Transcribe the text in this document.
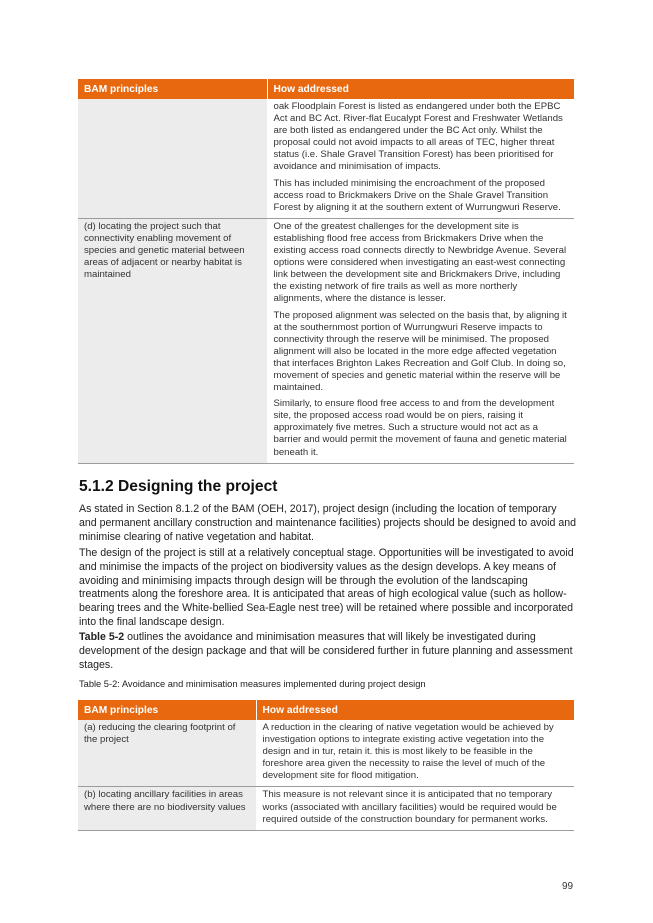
BAM principles	How addressed

	oak Floodplain Forest is listed as endangered under both the EPBC Act and BC Act. River-flat Eucalypt Forest and Freshwater Wetlands are both listed as endangered under the BC Act only. Whilst the proposal could not avoid impacts to all areas of TEC, higher threat status (i.e. Shale Gravel Transition Forest) has been prioritised for avoidance and minimisation of impacts.

This has included minimising the encroachment of the proposed access road to Brickmakers Drive on the Shale Gravel Transition Forest by aligning it at the southern extent of Wurrungwuri Reserve.

(d) locating the project such that connectivity enabling movement of species and genetic material between areas of adjacent or nearby habitat is maintained	One of the greatest challenges for the development site is establishing flood free access from Brickmakers Drive when the existing access road connects directly to Newbridge Avenue. Several options were considered when investigating an east-west connecting link between the development site and Brickmakers Drive, including the existing network of fire trails as well as more northerly alignments, where the distance is lesser.

The proposed alignment was selected on the basis that, by aligning it at the southernmost portion of Wurrungwuri Reserve impacts to connectivity through the reserve will be minimised. The proposed alignment will also be located in the more edge affected vegetation that interfaces Brighton Lakes Recreation and Golf Club. In doing so, movement of species and genetic material within the reserve will be maintained.

Similarly, to ensure flood free access to and from the development site, the proposed access road would be on piers, raising it approximately five metres. Such a structure would not act as a barrier and would permit the movement of fauna and genetic material beneath it.

5.1.2 Designing the project

As stated in Section 8.1.2 of the BAM (OEH, 2017), project design (including the location of temporary and permanent ancillary construction and maintenance facilities) projects should be designed to avoid and minimise clearing of native vegetation and habitat.

The design of the project is still at a relatively conceptual stage. Opportunities will be investigated to avoid and minimise the impacts of the project on biodiversity values as the design develops. A key means of avoiding and minimising impacts through design will be through the evolution of the landscaping treatments along the foreshore area. It is anticipated that areas of high ecological value (such as hollow-bearing trees and the White-bellied Sea-Eagle nest tree) will be retained where possible and incorporated into the final landscape design.

Table 5-2 outlines the avoidance and minimisation measures that will likely be investigated during development of the design package and that will be considered further in future planning and assessment stages.

Table 5-2: Avoidance and minimisation measures implemented during project design
BAM principles	How addressed
(a) reducing the clearing footprint of the project	A reduction in the clearing of native vegetation would be achieved by investigation options to integrate existing active vegetation into the design and in tur, retain it. this is most likely to be feasible in the foreshore area given the necessity to raise the level of much of the development site for flood mitigation.
(b) locating ancillary facilities in areas where there are no biodiversity values	This measure is not relevant since it is anticipated that no temporary works (associated with ancillary facilities) would be required would be required outside of the construction boundary for permanent works.
99
